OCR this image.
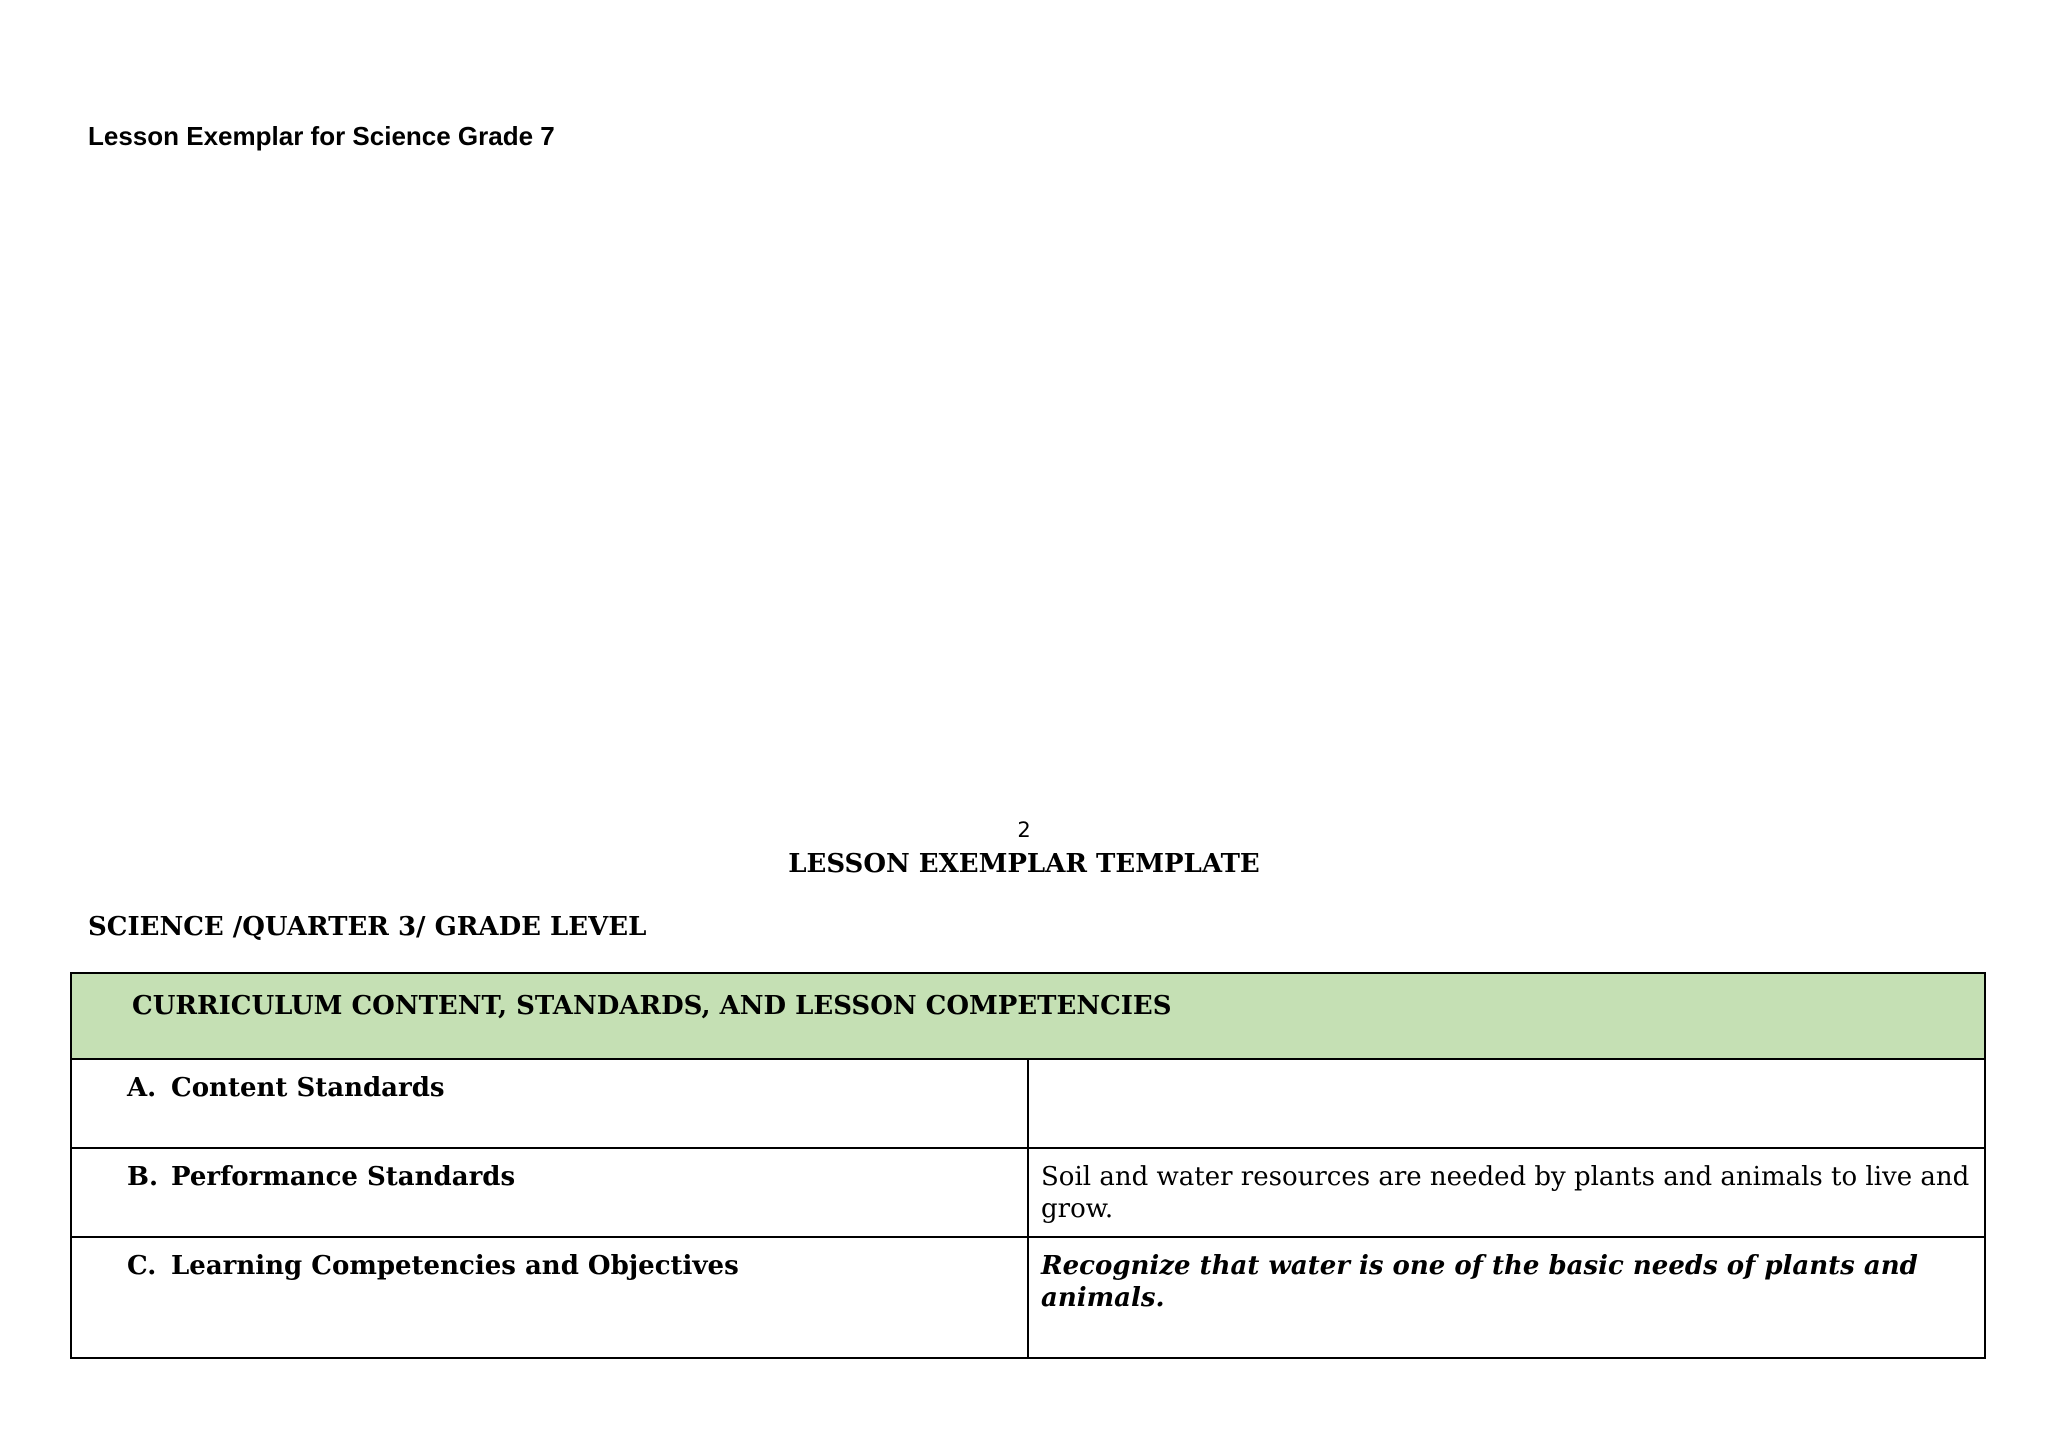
Lesson Exemplar for Science Grade 7
2
LESSON EXEMPLAR TEMPLATE
SCIENCE /QUARTER 3/ GRADE LEVEL
CURRICULUM CONTENT, STANDARDS, AND LESSON COMPETENCIES	

A. Content Standards	

B. Performance Standards	Soil and water resources are needed by plants and animals to live and grow.

C. Learning Competencies and Objectives	Recognize that water is one of the basic needs of plants and animals.
